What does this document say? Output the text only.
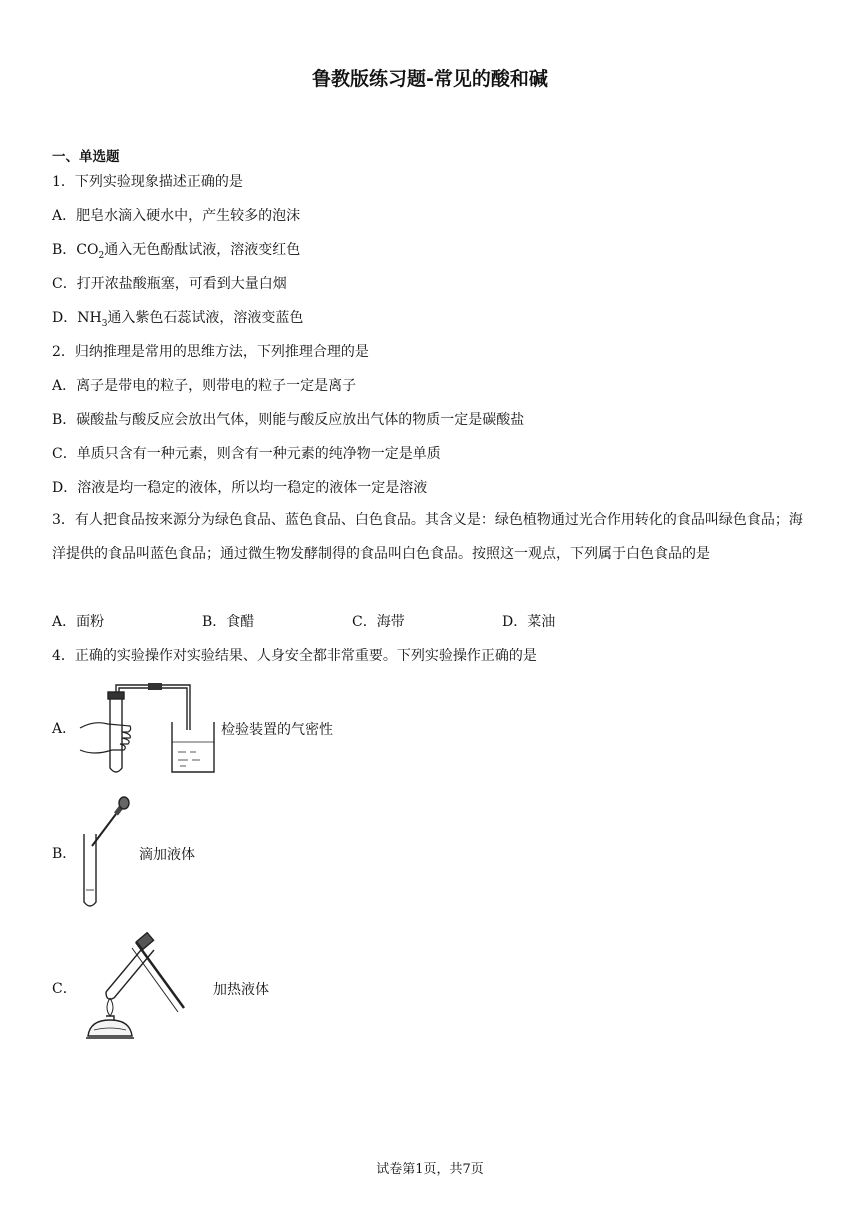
鲁教版练习题-常见的酸和碱
一、单选题
1．下列实验现象描述正确的是
A．肥皂水滴入硬水中，产生较多的泡沫
B．$CO_2$通入无色酚酞试液，溶液变红色
C．打开浓盐酸瓶塞，可看到大量白烟
D．$NH_3$通入紫色石蕊试液，溶液变蓝色
2．归纳推理是常用的思维方法，下列推理合理的是
A．离子是带电的粒子，则带电的粒子一定是离子
B．碳酸盐与酸反应会放出气体，则能与酸反应放出气体的物质一定是碳酸盐
C．单质只含有一种元素，则含有一种元素的纯净物一定是单质
D．溶液是均一稳定的液体，所以均一稳定的液体一定是溶液
3．有人把食品按来源分为绿色食品、蓝色食品、白色食品。其含义是：绿色植物通过光合作用转化的食品叫绿色食品；海洋提供的食品叫蓝色食品；通过微生物发酵制得的食品叫白色食品。按照这一观点，下列属于白色食品的是
A．面粉	B．食醋	C．海带	D．菜油
4．正确的实验操作对实验结果、人身安全都非常重要。下列实验操作正确的是
A．	检验装置的气密性
B．	滴加液体
C．	加热液体
试卷第1页，共7页
